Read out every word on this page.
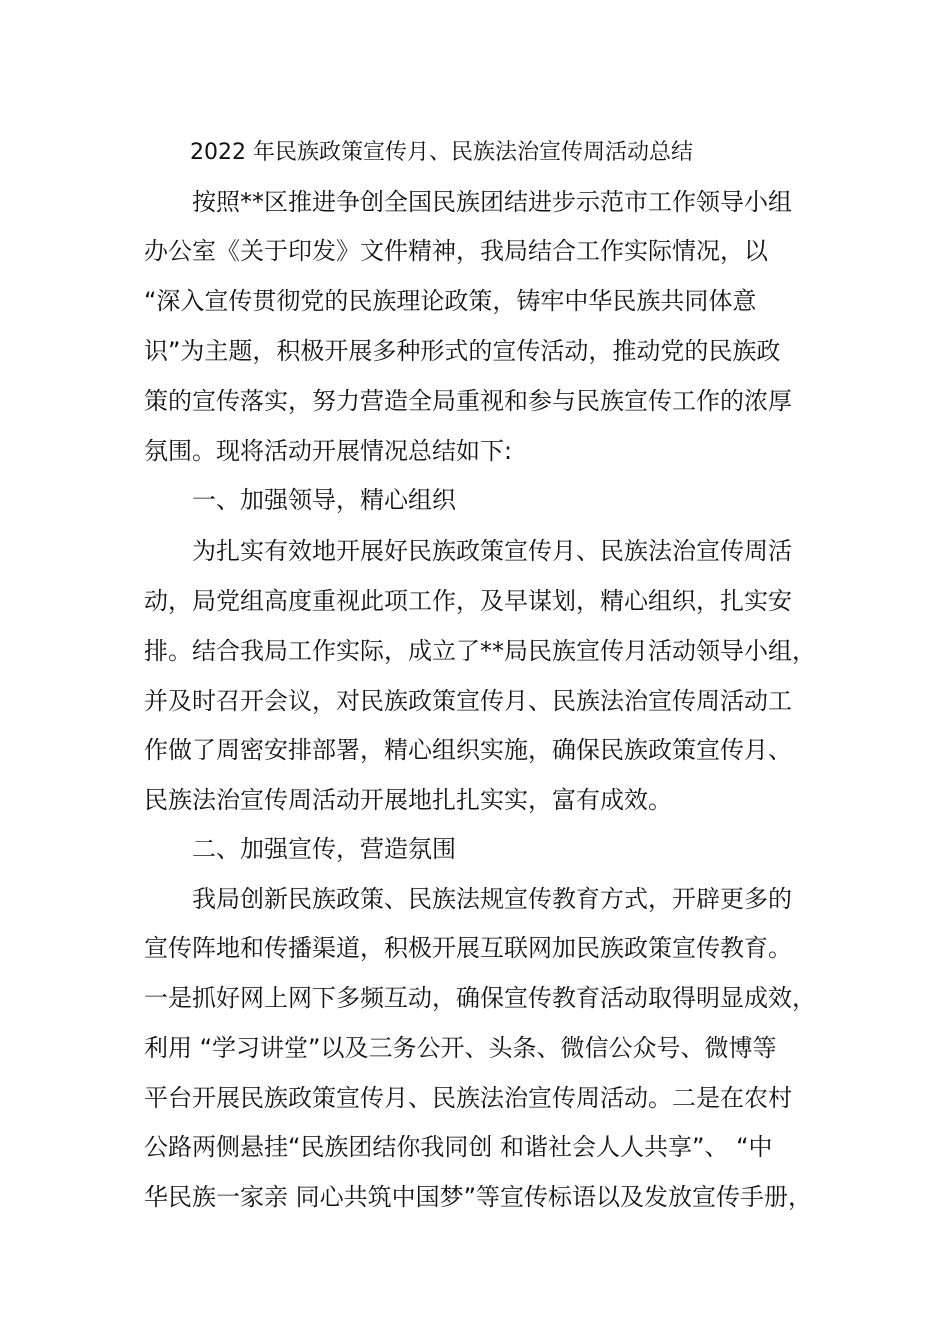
2022 年民族政策宣传月、民族法治宣传周活动总结
按照**区推进争创全国民族团结进步示范市工作领导小组
办公室《关于印发》文件精神，我局结合工作实际情况，以
“深入宣传贯彻党的民族理论政策，铸牢中华民族共同体意
识”为主题，积极开展多种形式的宣传活动，推动党的民族政
策的宣传落实，努力营造全局重视和参与民族宣传工作的浓厚
氛围。现将活动开展情况总结如下:
一、加强领导，精心组织
为扎实有效地开展好民族政策宣传月、民族法治宣传周活
动，局党组高度重视此项工作，及早谋划，精心组织，扎实安
排。结合我局工作实际，成立了**局民族宣传月活动领导小组，
并及时召开会议，对民族政策宣传月、民族法治宣传周活动工
作做了周密安排部署，精心组织实施，确保民族政策宣传月、
民族法治宣传周活动开展地扎扎实实，富有成效。
二、加强宣传，营造氛围
我局创新民族政策、民族法规宣传教育方式，开辟更多的
宣传阵地和传播渠道，积极开展互联网加民族政策宣传教育。
一是抓好网上网下多频互动，确保宣传教育活动取得明显成效，
利用 “学习讲堂”以及三务公开、头条、微信公众号、微博等
平台开展民族政策宣传月、民族法治宣传周活动。二是在农村
公路两侧悬挂“民族团结你我同创 和谐社会人人共享”、 “中
华民族一家亲 同心共筑中国梦”等宣传标语以及发放宣传手册，
